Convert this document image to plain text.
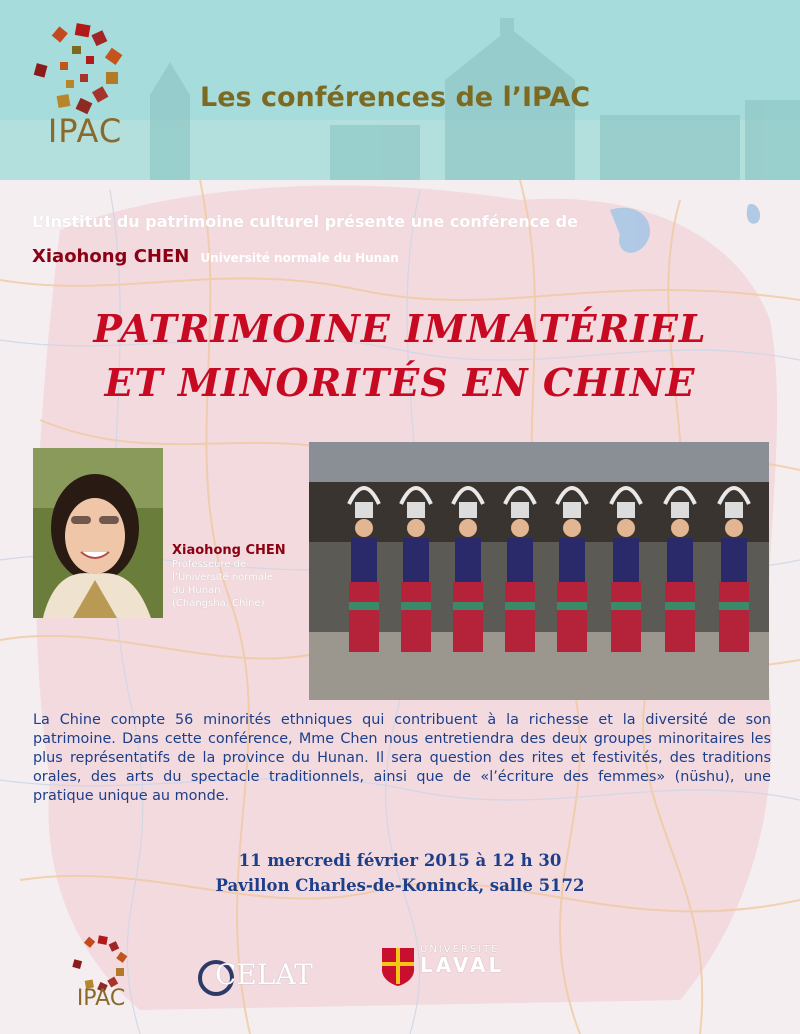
IPAC
Les conférences de l’IPAC
L’Institut du patrimoine culturel présente une conférence de
Xiaohong CHEN Université normale du Hunan
PATRIMOINE IMMATÉRIEL
ET MINORITÉS EN CHINE
Xiaohong CHEN
Professeure de
l’Université normale
du Hunan
(Changsha, Chine)
La Chine compte 56 minorités ethniques qui contribuent à la richesse et la diversité de son patrimoine. Dans cette conférence, Mme Chen nous entretiendra des deux groupes minoritaires les plus représentatifs de la province du Hunan. Il sera question des rites et festivités, des traditions orales, des arts du spectacle traditionnels, ainsi que de «l’écriture des femmes» (nüshu), une pratique unique au monde.
11 mercredi février 2015 à 12 h 30
Pavillon Charles-de-Koninck, salle 5172
IPAC
CELAT
UNIVERSITÉ
LAVAL
